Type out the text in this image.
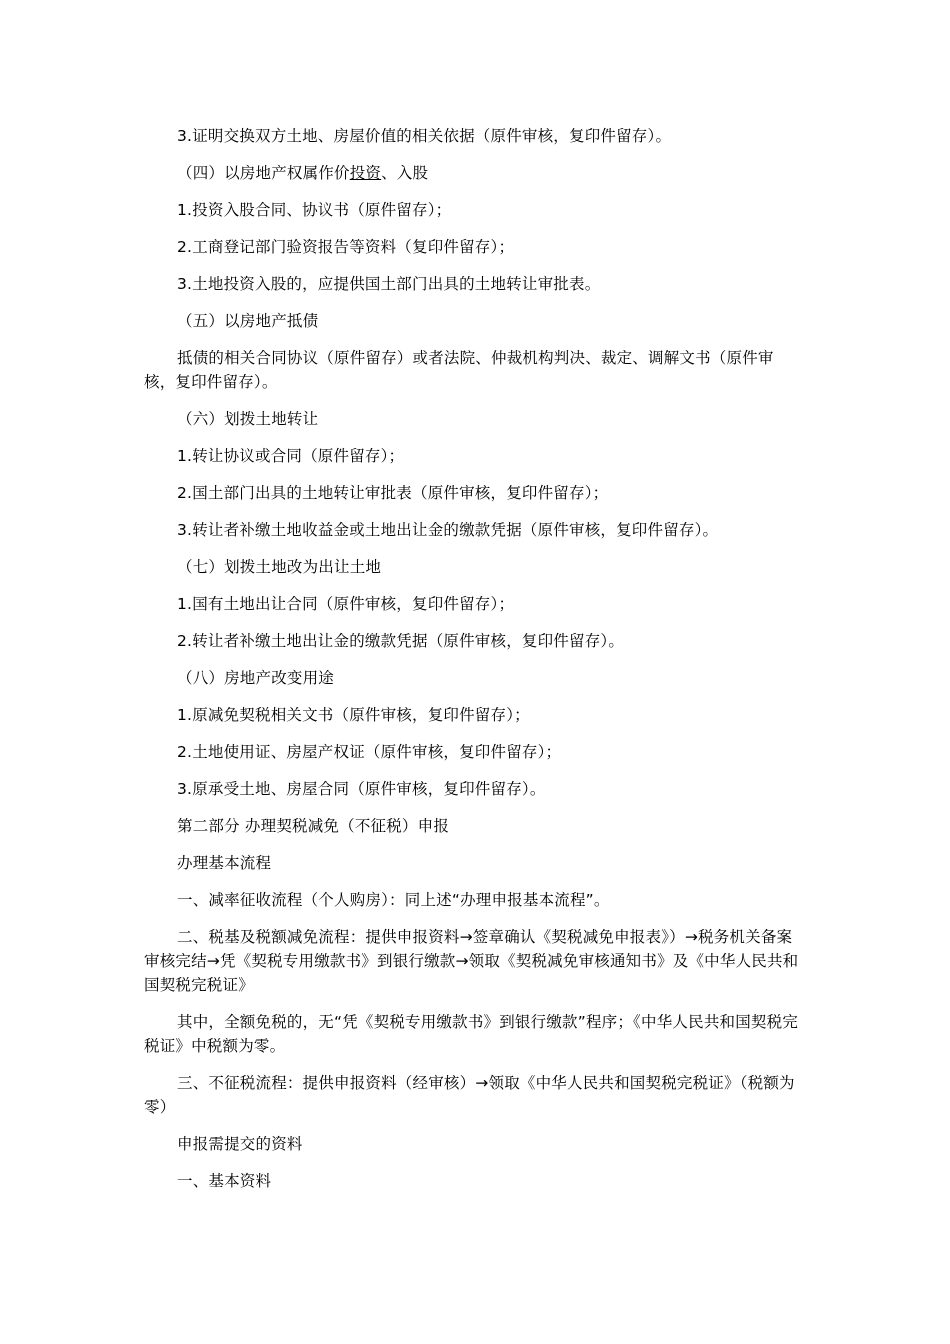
3.证明交换双方土地、房屋价值的相关依据（原件审核，复印件留存）。

（四）以房地产权属作价投资、入股

1.投资入股合同、协议书（原件留存）；

2.工商登记部门验资报告等资料（复印件留存）；

3.土地投资入股的，应提供国土部门出具的土地转让审批表。

（五）以房地产抵债

抵债的相关合同协议（原件留存）或者法院、仲裁机构判决、裁定、调解文书（原件审核，复印件留存）。

（六）划拨土地转让

1.转让协议或合同（原件留存）；

2.国土部门出具的土地转让审批表（原件审核，复印件留存）；

3.转让者补缴土地收益金或土地出让金的缴款凭据（原件审核，复印件留存）。

（七）划拨土地改为出让土地

1.国有土地出让合同（原件审核，复印件留存）；

2.转让者补缴土地出让金的缴款凭据（原件审核，复印件留存）。

（八）房地产改变用途

1.原减免契税相关文书（原件审核，复印件留存）；

2.土地使用证、房屋产权证（原件审核，复印件留存）；

3.原承受土地、房屋合同（原件审核，复印件留存）。

第二部分 办理契税减免（不征税）申报

办理基本流程

一、减率征收流程（个人购房）：同上述“办理申报基本流程”。

二、税基及税额减免流程：提供申报资料→签章确认《契税减免申报表》）→税务机关备案审核完结→凭《契税专用缴款书》到银行缴款→领取《契税减免审核通知书》及《中华人民共和国契税完税证》

其中，全额免税的，无“凭《契税专用缴款书》到银行缴款”程序；《中华人民共和国契税完税证》中税额为零。

三、不征税流程：提供申报资料（经审核）→领取《中华人民共和国契税完税证》（税额为零）

申报需提交的资料

一、基本资料
